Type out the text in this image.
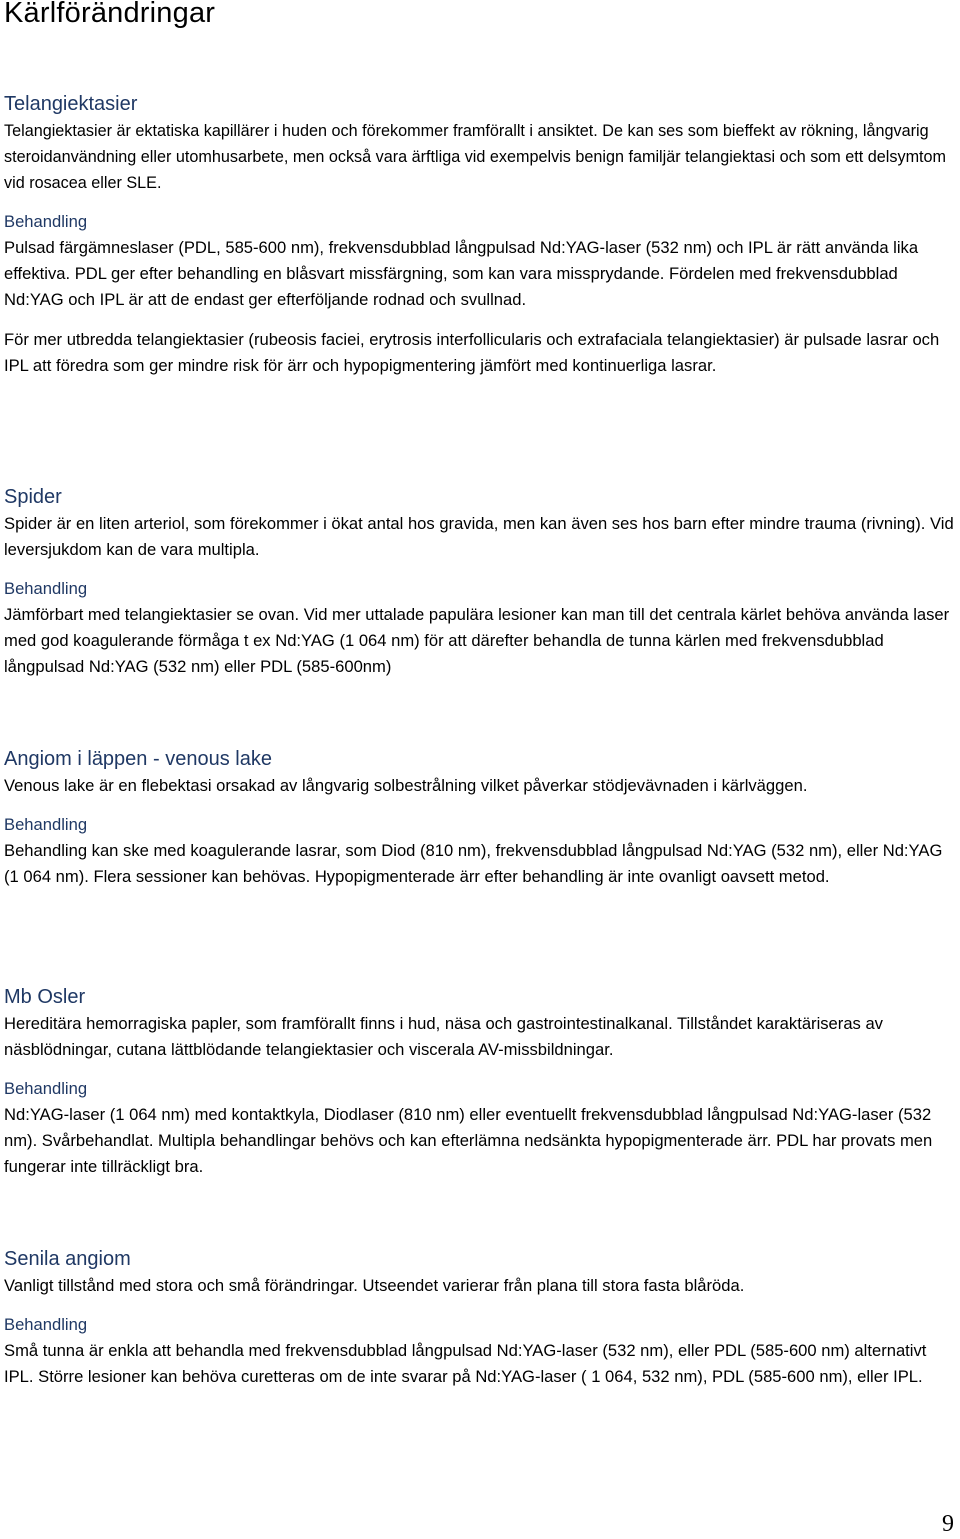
Kärlförändringar
Telangiektasier

Telangiektasier är ektatiska kapillärer i huden och förekommer framförallt i ansiktet. De kan ses som bieffekt av rökning, långvarig steroidanvändning eller utomhusarbete, men också vara ärftliga vid exempelvis benign familjär telangiektasi och som ett delsymtom vid rosacea eller SLE.

Behandling

Pulsad färgämneslaser (PDL, 585-600 nm), frekvensdubblad långpulsad Nd:YAG-laser (532 nm) och IPL är rätt använda lika effektiva. PDL ger efter behandling en blåsvart missfärgning, som kan vara missprydande. Fördelen med frekvensdubblad Nd:YAG och IPL är att de endast ger efterföljande rodnad och svullnad.

För mer utbredda telangiektasier (rubeosis faciei, erytrosis interfollicularis och extrafaciala telangiektasier) är pulsade lasrar och IPL att föredra som ger mindre risk för ärr och hypopigmentering jämfört med kontinuerliga lasrar.

Spider

Spider är en liten arteriol, som förekommer i ökat antal hos gravida, men kan även ses hos barn efter mindre trauma (rivning). Vid leversjukdom kan de vara multipla.

Behandling

Jämförbart med telangiektasier se ovan. Vid mer uttalade papulära lesioner kan man till det centrala kärlet behöva använda laser med god koagulerande förmåga t ex Nd:YAG (1 064 nm) för att därefter behandla de tunna kärlen med frekvensdubblad långpulsad Nd:YAG (532 nm) eller PDL (585-600nm)

Angiom i läppen - venous lake

Venous lake är en flebektasi orsakad av långvarig solbestrålning vilket påverkar stödjevävnaden i kärlväggen.

Behandling

Behandling kan ske med koagulerande lasrar, som Diod (810 nm), frekvensdubblad långpulsad Nd:YAG (532 nm), eller Nd:YAG (1 064 nm). Flera sessioner kan behövas. Hypopigmenterade ärr efter behandling är inte ovanligt oavsett metod.

Mb Osler

Hereditära hemorragiska papler, som framförallt finns i hud, näsa och gastrointestinalkanal. Tillståndet karaktäriseras av näsblödningar, cutana lättblödande telangiektasier och viscerala AV-missbildningar.

Behandling

Nd:YAG-laser (1 064 nm) med kontaktkyla, Diodlaser (810 nm) eller eventuellt frekvensdubblad långpulsad Nd:YAG-laser (532 nm). Svårbehandlat. Multipla behandlingar behövs och kan efterlämna nedsänkta hypopigmenterade ärr. PDL har provats men fungerar inte tillräckligt bra.

Senila angiom

Vanligt tillstånd med stora och små förändringar. Utseendet varierar från plana till stora fasta blåröda.

Behandling

Små tunna är enkla att behandla med frekvensdubblad långpulsad Nd:YAG-laser (532 nm), eller PDL (585-600 nm) alternativt IPL. Större lesioner kan behöva curetteras om de inte svarar på Nd:YAG-laser ( 1 064, 532 nm), PDL (585-600 nm), eller IPL.

9
